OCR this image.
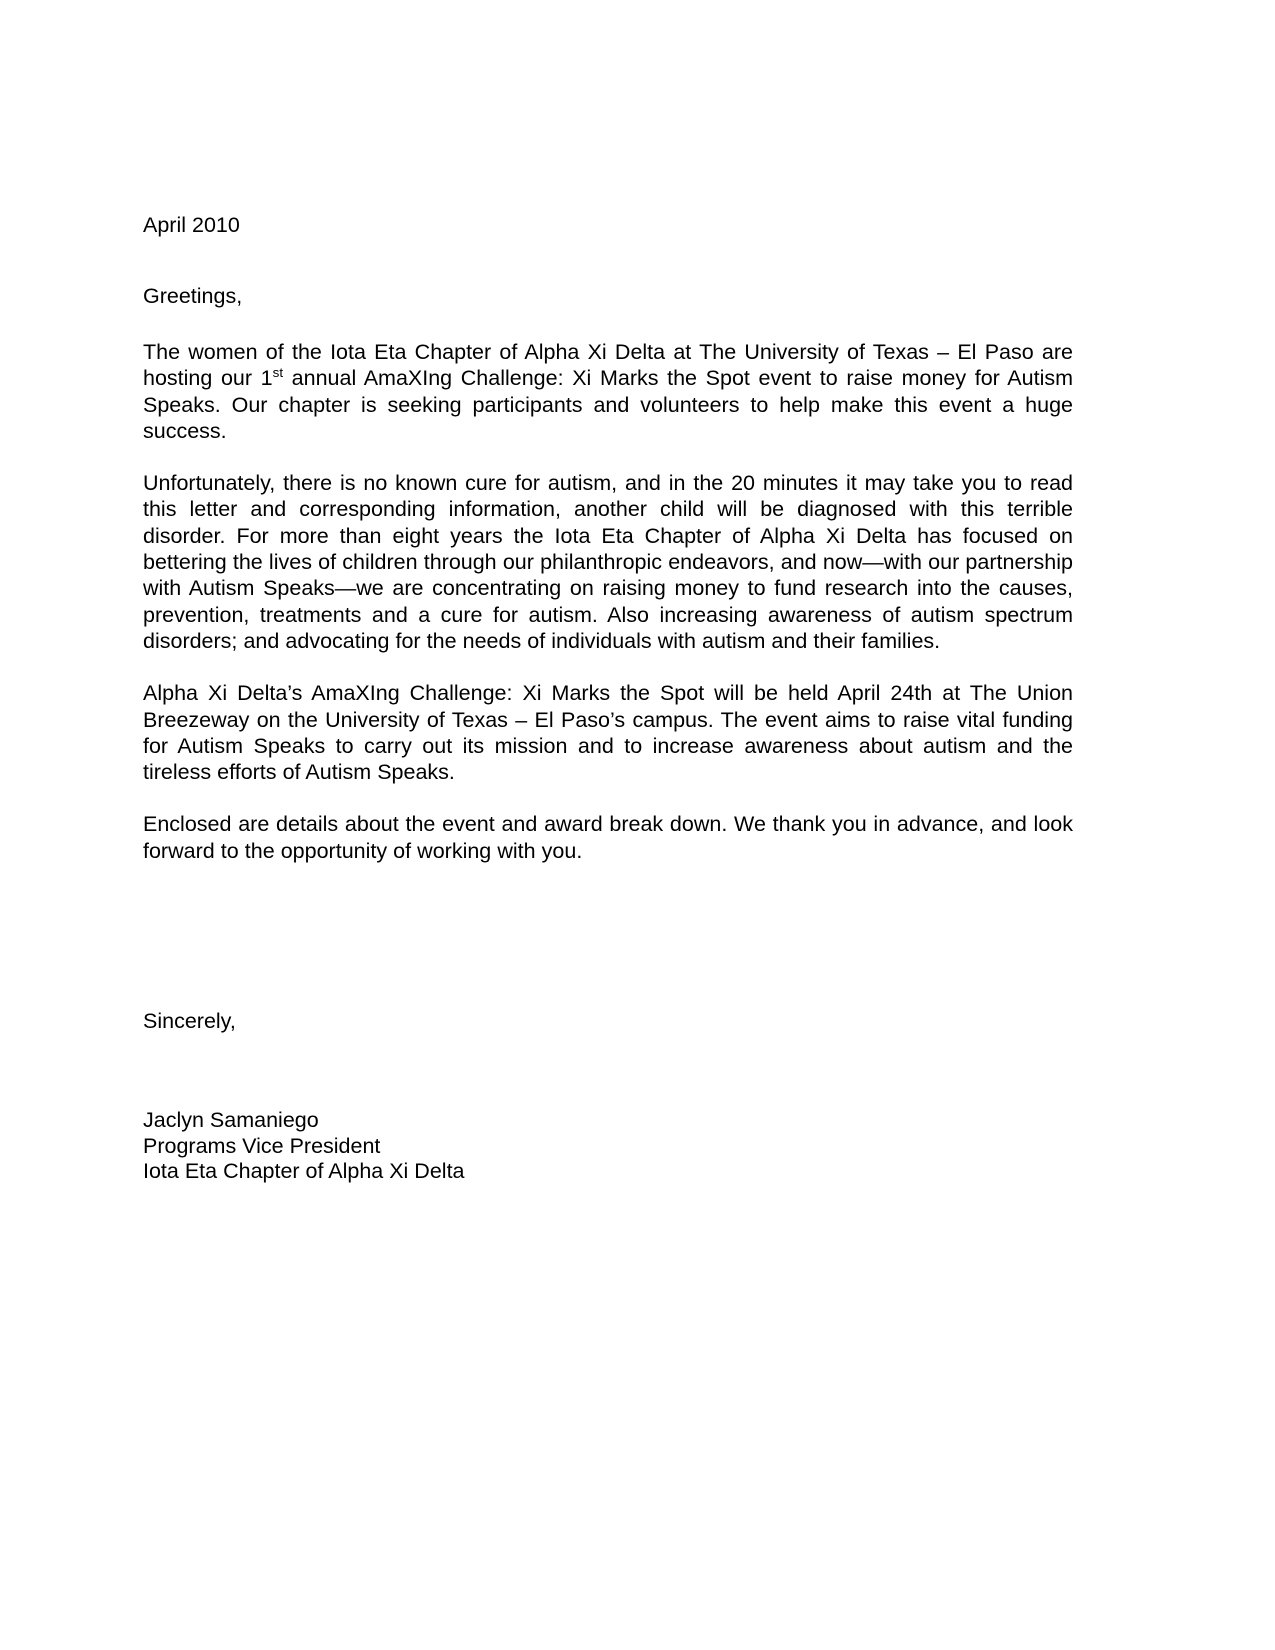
April 2010

Greetings,

The women of the Iota Eta Chapter of Alpha Xi Delta at The University of Texas – El Paso are hosting our 1st annual AmaXIng Challenge: Xi Marks the Spot event to raise money for Autism Speaks. Our chapter is seeking participants and volunteers to help make this event a huge success.

Unfortunately, there is no known cure for autism, and in the 20 minutes it may take you to read this letter and corresponding information, another child will be diagnosed with this terrible disorder. For more than eight years the Iota Eta Chapter of Alpha Xi Delta has focused on bettering the lives of children through our philanthropic endeavors, and now—with our partnership with Autism Speaks—we are concentrating on raising money to fund research into the causes, prevention, treatments and a cure for autism. Also increasing awareness of autism spectrum disorders; and advocating for the needs of individuals with autism and their families.

Alpha Xi Delta’s AmaXIng Challenge: Xi Marks the Spot will be held April 24th at The Union Breezeway on the University of Texas – El Paso’s campus. The event aims to raise vital funding for Autism Speaks to carry out its mission and to increase awareness about autism and the tireless efforts of Autism Speaks.

Enclosed are details about the event and award break down. We thank you in advance, and look forward to the opportunity of working with you.

Sincerely,

Jaclyn Samaniego

Programs Vice President

Iota Eta Chapter of Alpha Xi Delta
